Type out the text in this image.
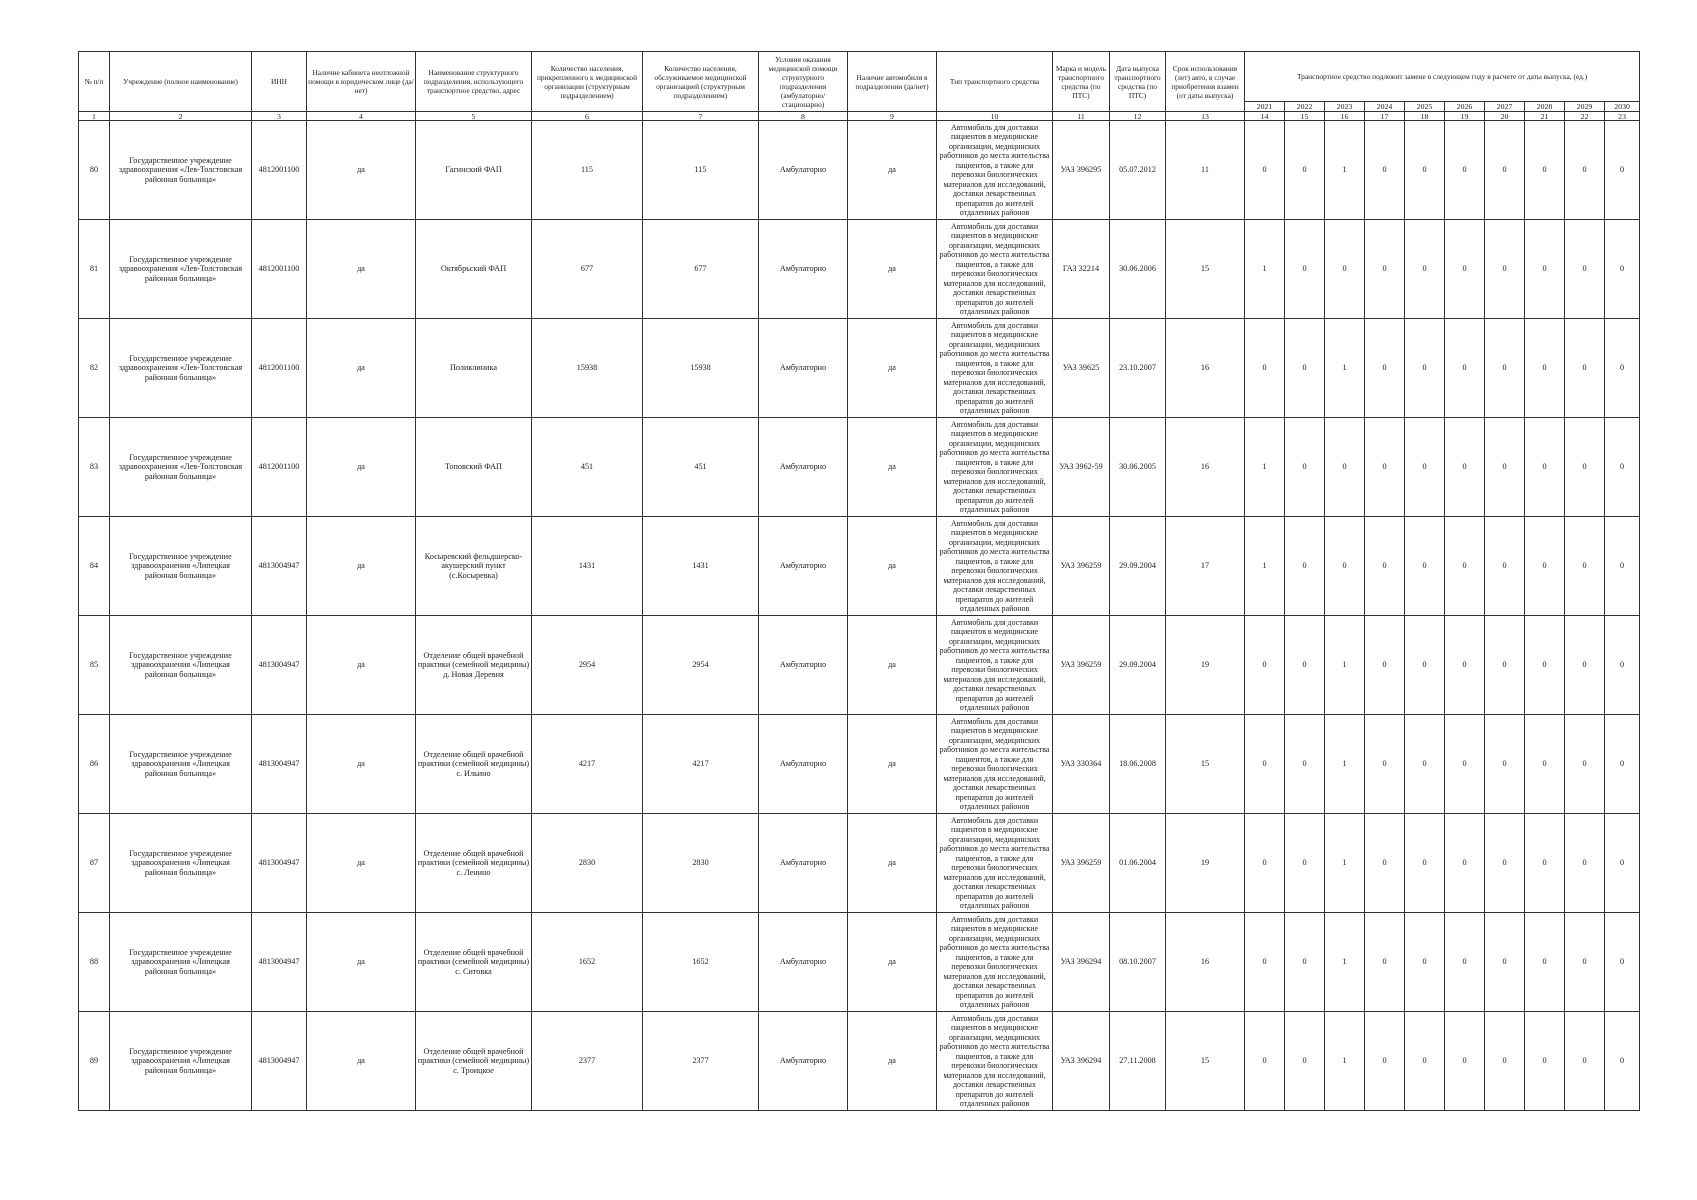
№ п/п	Учреждение (полное наименование)	ИНН	Наличие кабинета неотложной помощи в юридическом лице (да/нет)	Наименование структурного подразделения, использующего транспортное средство, адрес	Количество населения, прикрепленного к медицинской организации (структурным подразделением)	Количество населения, обслуживаемое медицинской организацией (структурным подразделением)	Условия оказания медицинской помощи структурного подразделения (амбулаторно/ стационарно)	Наличие автомобиля в подразделении (да/нет)	Тип транспортного средства	Марка и модель транспортного средства (по ПТС)	Дата выпуска транспортного средства (по ПТС)	Срок использования (лет) авто, в случае приобретения взамен (от даты выпуска)	Транспортное средство подлежит замене в следующем году в расчете от даты выпуска, (ед.)									
													2021	2022	2023	2024	2025	2026	2027	2028	2029	2030
1	2	3	4	5	6	7	8	9	10	11	12	13	14	15	16	17	18	19	20	21	22	23
80	Государственное учреждение здравоохранения «Лев-Толстовская районная больница»	4812001100	да	Гагинский ФАП	115	115	Амбулаторно	да	Автомобиль для доставки пациентов в медицинские организации, медицинских работников до места жительства пациентов, а также для перевозки биологических материалов для исследований, доставки лекарственных препаратов до жителей отдаленных районов	УАЗ 396295	05.07.2012	11	0	0	1	0	0	0	0	0	0	0
81	Государственное учреждение здравоохранения «Лев-Толстовская районная больница»	4812001100	да	Октябрьский ФАП	677	677	Амбулаторно	да	Автомобиль для доставки пациентов в медицинские организации, медицинских работников до места жительства пациентов, а также для перевозки биологических материалов для исследований, доставки лекарственных препаратов до жителей отдаленных районов	ГАЗ 32214	30.06.2006	15	1	0	0	0	0	0	0	0	0	0
82	Государственное учреждение здравоохранения «Лев-Толстовская районная больница»	4812001100	да	Поликлиника	15938	15938	Амбулаторно	да	Автомобиль для доставки пациентов в медицинские организации, медицинских работников до места жительства пациентов, а также для перевозки биологических материалов для исследований, доставки лекарственных препаратов до жителей отдаленных районов	УАЗ 39625	23.10.2007	16	0	0	1	0	0	0	0	0	0	0
83	Государственное учреждение здравоохранения «Лев-Толстовская районная больница»	4812001100	да	Топовский ФАП	451	451	Амбулаторно	да	Автомобиль для доставки пациентов в медицинские организации, медицинских работников до места жительства пациентов, а также для перевозки биологических материалов для исследований, доставки лекарственных препаратов до жителей отдаленных районов	УАЗ 3962-59	30.06.2005	16	1	0	0	0	0	0	0	0	0	0
84	Государственное учреждение здравоохранения «Липецкая районная больница»	4813004947	да	Косыревский фельдшерско-акушерский пункт (с.Косыревка)	1431	1431	Амбулаторно	да	Автомобиль для доставки пациентов в медицинские организации, медицинских работников до места жительства пациентов, а также для перевозки биологических материалов для исследований, доставки лекарственных препаратов до жителей отдаленных районов	УАЗ 396259	29.09.2004	17	1	0	0	0	0	0	0	0	0	0
85	Государственное учреждение здравоохранения «Липецкая районная больница»	4813004947	да	Отделение общей врачебной практики (семейной медицины) д. Новая Деревня	2954	2954	Амбулаторно	да	Автомобиль для доставки пациентов в медицинские организации, медицинских работников до места жительства пациентов, а также для перевозки биологических материалов для исследований, доставки лекарственных препаратов до жителей отдаленных районов	УАЗ 396259	29.09.2004	19	0	0	1	0	0	0	0	0	0	0
86	Государственное учреждение здравоохранения «Липецкая районная больница»	4813004947	да	Отделение общей врачебной практики (семейной медицины) с. Ильино	4217	4217	Амбулаторно	да	Автомобиль для доставки пациентов в медицинские организации, медицинских работников до места жительства пациентов, а также для перевозки биологических материалов для исследований, доставки лекарственных препаратов до жителей отдаленных районов	УАЗ 330364	18.06.2008	15	0	0	1	0	0	0	0	0	0	0
87	Государственное учреждение здравоохранения «Липецкая районная больница»	4813004947	да	Отделение общей врачебной практики (семейной медицины) с. Ленино	2830	2830	Амбулаторно	да	Автомобиль для доставки пациентов в медицинские организации, медицинских работников до места жительства пациентов, а также для перевозки биологических материалов для исследований, доставки лекарственных препаратов до жителей отдаленных районов	УАЗ 396259	01.06.2004	19	0	0	1	0	0	0	0	0	0	0
88	Государственное учреждение здравоохранения «Липецкая районная больница»	4813004947	да	Отделение общей врачебной практики (семейной медицины) с. Ситовка	1652	1652	Амбулаторно	да	Автомобиль для доставки пациентов в медицинские организации, медицинских работников до места жительства пациентов, а также для перевозки биологических материалов для исследований, доставки лекарственных препаратов до жителей отдаленных районов	УАЗ 396294	08.10.2007	16	0	0	1	0	0	0	0	0	0	0
89	Государственное учреждение здравоохранения «Липецкая районная больница»	4813004947	да	Отделение общей врачебной практики (семейной медицины) с. Троицкое	2377	2377	Амбулаторно	да	Автомобиль для доставки пациентов в медицинские организации, медицинских работников до места жительства пациентов, а также для перевозки биологических материалов для исследований, доставки лекарственных препаратов до жителей отдаленных районов	УАЗ 396294	27.11.2008	15	0	0	1	0	0	0	0	0	0	0
